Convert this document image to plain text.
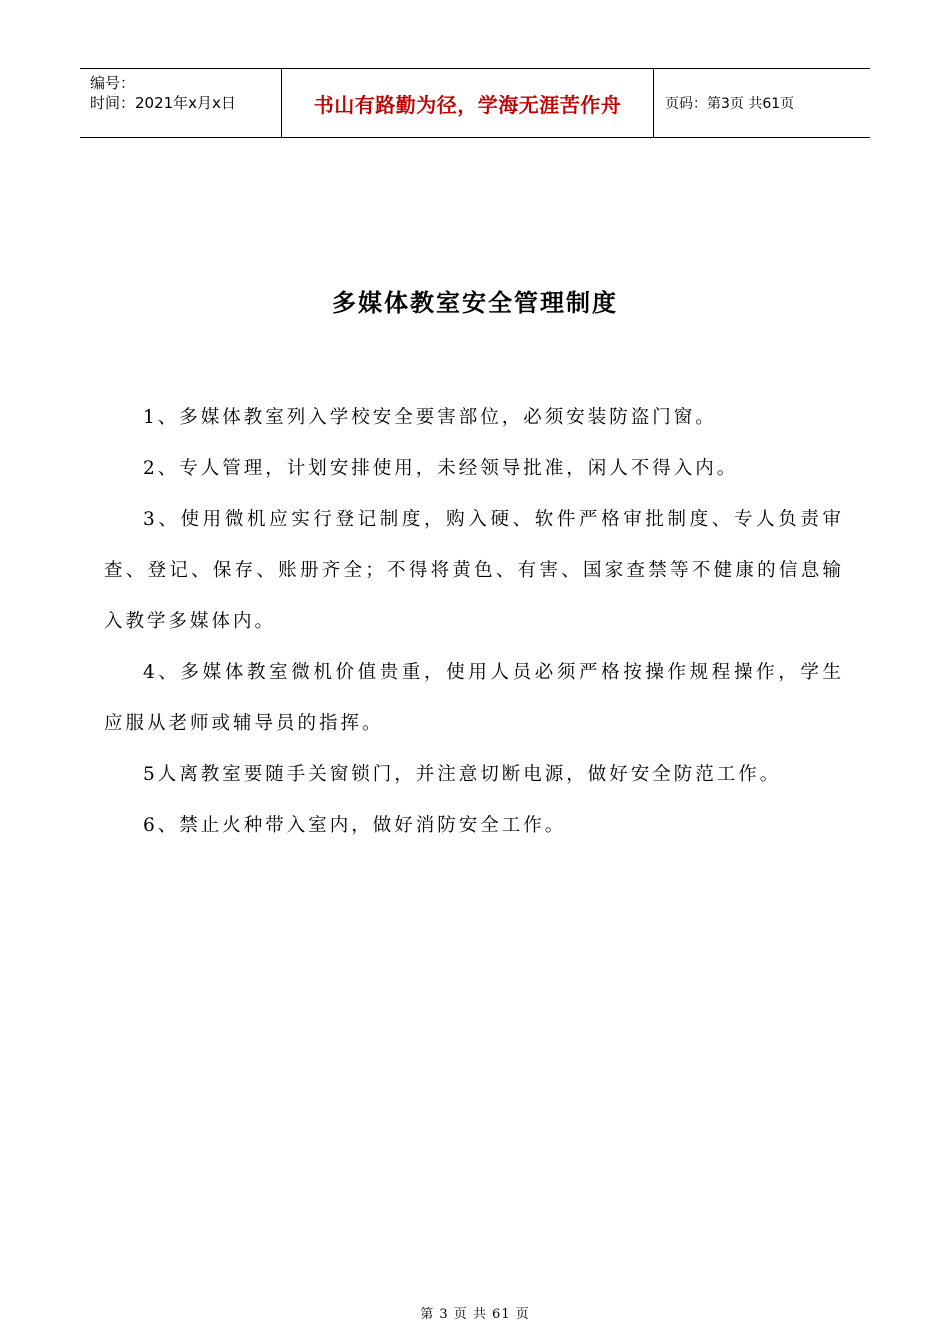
编号：
时间：2021年x月x日	书山有路勤为径，学海无涯苦作舟	页码：第3页 共61页
多媒体教室安全管理制度

1、多媒体教室列入学校安全要害部位，必须安装防盗门窗。

2、专人管理，计划安排使用，未经领导批准，闲人不得入内。

3、使用微机应实行登记制度，购入硬、软件严格审批制度、专人负责审查、登记、保存、账册齐全；不得将黄色、有害、国家查禁等不健康的信息输入教学多媒体内。

4、多媒体教室微机价值贵重，使用人员必须严格按操作规程操作，学生应服从老师或辅导员的指挥。

5人离教室要随手关窗锁门，并注意切断电源，做好安全防范工作。

6、禁止火种带入室内，做好消防安全工作。

第 3 页 共 61 页
